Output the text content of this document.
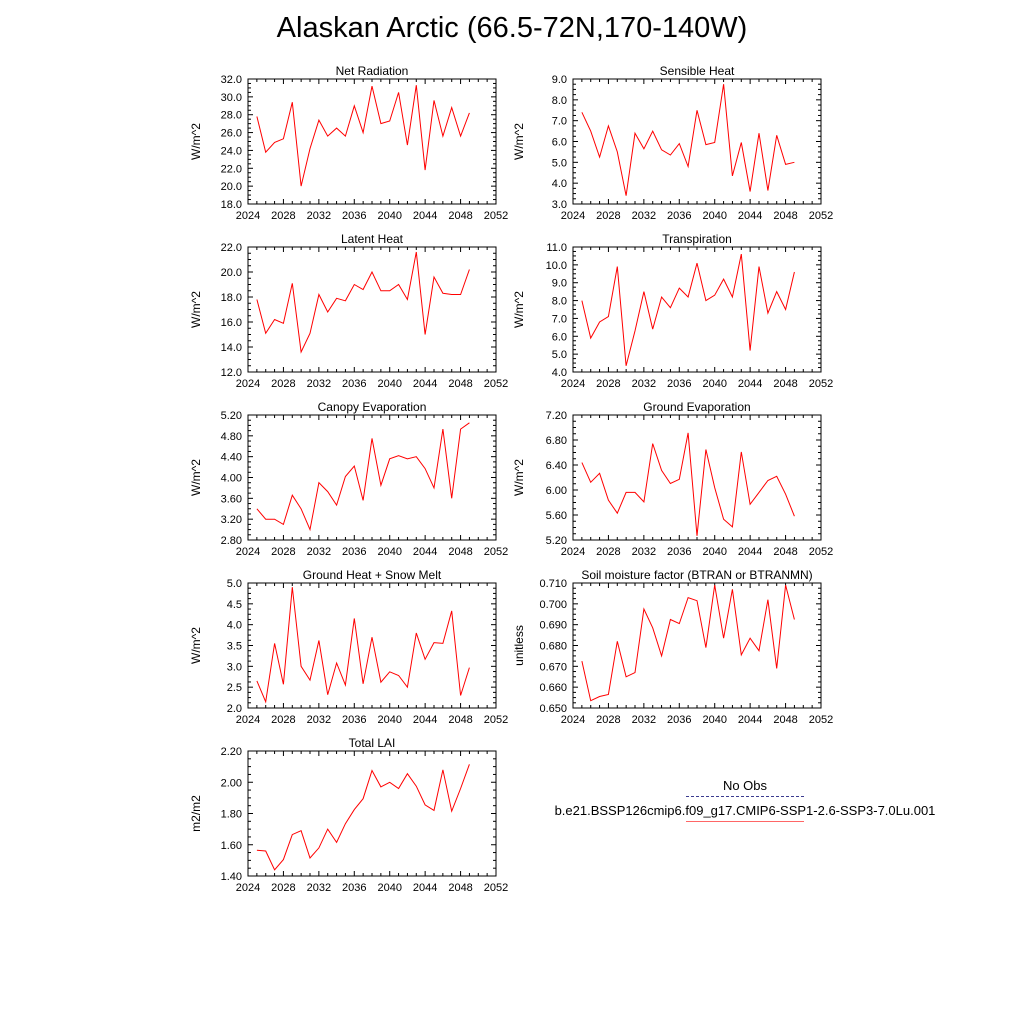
Alaskan Arctic (66.5-72N,170-140W)
Net Radiation
W/m^2
2024 2028 2032 2036 2040 2044 2048 2052
18.0
20.0
22.0
24.0
26.0
28.0
30.0
32.0
Sensible Heat
W/m^2
2024 2028 2032 2036 2040 2044 2048 2052
3.0
4.0
5.0
6.0
7.0
8.0
9.0
Latent Heat
W/m^2
2024 2028 2032 2036 2040 2044 2048 2052
12.0
14.0
16.0
18.0
20.0
22.0
Transpiration
W/m^2
2024 2028 2032 2036 2040 2044 2048 2052
4.0
5.0
6.0
7.0
8.0
9.0
10.0
11.0
Canopy Evaporation
W/m^2
2024 2028 2032 2036 2040 2044 2048 2052
2.80
3.20
3.60
4.00
4.40
4.80
5.20
Ground Evaporation
W/m^2
2024 2028 2032 2036 2040 2044 2048 2052
5.20
5.60
6.00
6.40
6.80
7.20
Ground Heat + Snow Melt
W/m^2
2024 2028 2032 2036 2040 2044 2048 2052
2.0
2.5
3.0
3.5
4.0
4.5
5.0
Soil moisture factor (BTRAN or BTRANMN)
unitless
2024 2028 2032 2036 2040 2044 2048 2052
0.650
0.660
0.670
0.680
0.690
0.700
0.710
Total LAI
m2/m2
2024 2028 2032 2036 2040 2044 2048 2052
1.40
1.60
1.80
2.00
2.20
No Obs
b.e21.BSSP126cmip6.f09_g17.CMIP6-SSP1-2.6-SSP3-7.0Lu.001
